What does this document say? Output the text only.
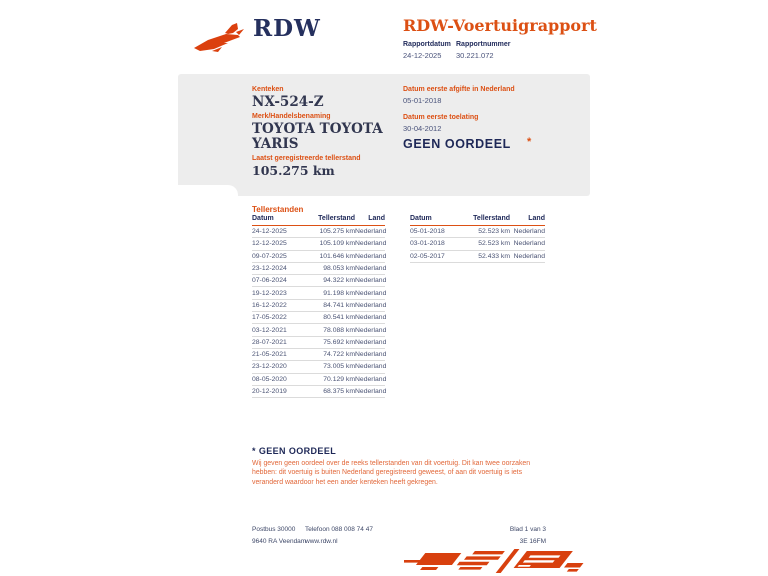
RDW	RDW-Voertuigrapport
Rapportdatum
24-12-2025
Rapportnummer
30.221.072
Kenteken
NX-524-Z
Merk/Handelsbenaming
TOYOTA TOYOTA YARIS
Laatst geregistreerde tellerstand
105.275 km
Datum eerste afgifte in Nederland
05-01-2018
Datum eerste toelating
30-04-2012
GEEN OORDEEL *
Tellerstanden
Datum	Tellerstand	Land
24-12-2025	105.275 km	Nederland
12-12-2025	105.109 km	Nederland
09-07-2025	101.646 km	Nederland
23-12-2024	98.053 km	Nederland
07-06-2024	94.322 km	Nederland
19-12-2023	91.198 km	Nederland
16-12-2022	84.741 km	Nederland
17-05-2022	80.541 km	Nederland
03-12-2021	78.088 km	Nederland
28-07-2021	75.692 km	Nederland
21-05-2021	74.722 km	Nederland
23-12-2020	73.005 km	Nederland
08-05-2020	70.129 km	Nederland
20-12-2019	68.375 km	Nederland
Datum	Tellerstand	Land
05-01-2018	52.523 km	Nederland
03-01-2018	52.523 km	Nederland
02-05-2017	52.433 km	Nederland
* GEEN OORDEEL
Wij geven geen oordeel over de reeks tellerstanden van dit voertuig. Dit kan twee oorzaken hebben: dit voertuig is buiten Nederland geregistreerd geweest, of aan dit voertuig is iets veranderd waardoor het een ander kenteken heeft gekregen.
Postbus 30000
9640 RA Veendam
Telefoon 088 008 74 47
www.rdw.nl
Blad 1 van 3
3E 16FM
